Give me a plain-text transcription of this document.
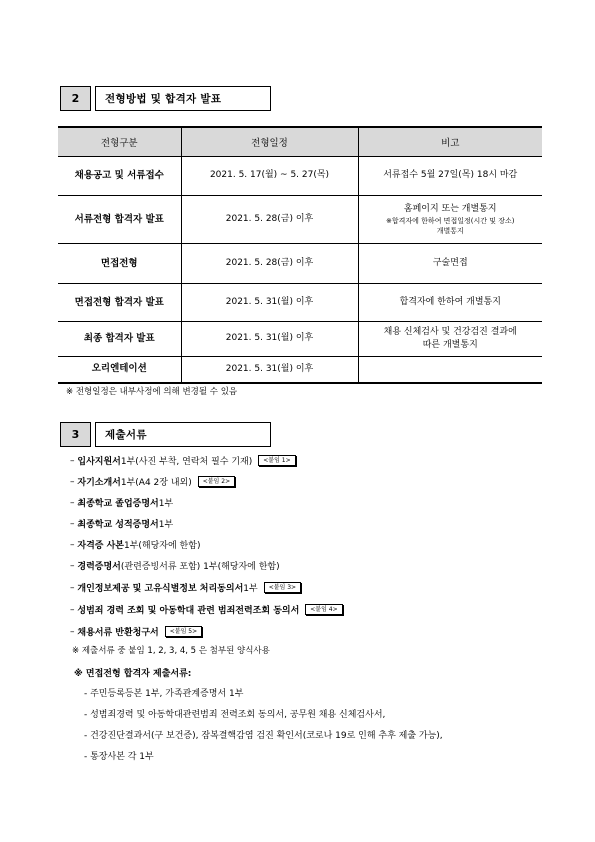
2	전형방법 및 합격자 발표
전형구분	전형일정	비고
채용공고 및 서류접수	2021. 5. 17(월) ~ 5. 27(목)	서류접수 5월 27일(목) 18시 마감

서류전형 합격자 발표	2021. 5. 28(금) 이후	홈페이지 또는 개별통지
※합격자에 한하여 면접일정(시간 및 장소)
개별통지

면접전형	2021. 5. 28(금) 이후	구술면접

면접전형 합격자 발표	2021. 5. 31(월) 이후	합격자에 한하여 개별통지

최종 합격자 발표	2021. 5. 31(월) 이후	채용 신체검사 및 건강검진 결과에
따른 개별통지

오리엔테이션	2021. 5. 31(월) 이후	
※ 전형일정은 내부사정에 의해 변경될 수 있음
3	제출서류
–
입사지원서 1부(사진 부착, 연락처 필수 기재)	<붙임 1>
–
자기소개서 1부(A4 2장 내외)	<붙임 2>
–
최종학교 졸업증명서 1부
–
최종학교 성적증명서 1부
–
자격증 사본 1부(해당자에 한함)
–
경력증명서 (관련증빙서류 포함) 1부(해당자에 한함)
–
개인정보제공 및 고유식별정보 처리동의서 1부	<붙임 3>
–
성범죄 경력 조회 및 아동학대 관련 범죄전력조회 동의서	<붙임 4>
–
채용서류 반환청구서	<붙임 5>
※ 제출서류 중 붙임 1, 2, 3, 4, 5 은 첨부된 양식사용
※ 면접전형 합격자 제출서류:
- 주민등록등본 1부, 가족관계증명서 1부
- 성범죄경력 및 아동학대관련범죄 전력조회 동의서, 공무원 채용 신체검사서,
- 건강진단결과서(구 보건증), 잠복결핵감염 검진 확인서(코로나 19로 인해 추후 제출 가능),
- 통장사본 각 1부
